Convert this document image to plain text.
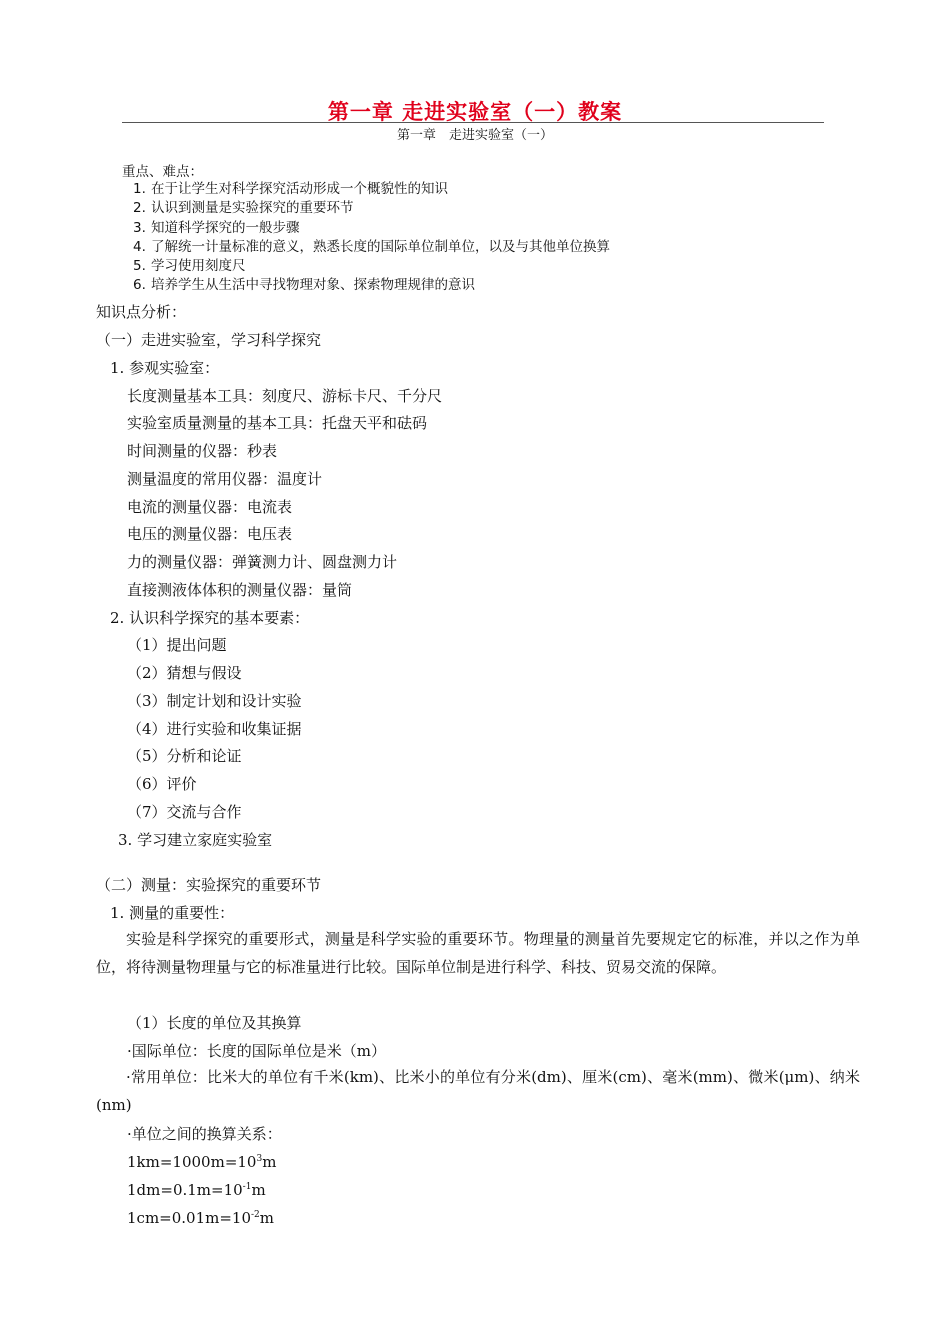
第一章 走进实验室（一）教案
第一章　走进实验室（一）
重点、难点：
1. 在于让学生对科学探究活动形成一个概貌性的知识
2. 认识到测量是实验探究的重要环节
3. 知道科学探究的一般步骤
4. 了解统一计量标准的意义，熟悉长度的国际单位制单位，以及与其他单位换算
5. 学习使用刻度尺
6. 培养学生从生活中寻找物理对象、探索物理规律的意识
知识点分析：
（一）走进实验室，学习科学探究
1. 参观实验室：
长度测量基本工具：刻度尺、游标卡尺、千分尺
实验室质量测量的基本工具：托盘天平和砝码
时间测量的仪器：秒表
测量温度的常用仪器：温度计
电流的测量仪器：电流表
电压的测量仪器：电压表
力的测量仪器：弹簧测力计、圆盘测力计
直接测液体体积的测量仪器：量筒
2. 认识科学探究的基本要素：
（1）提出问题
（2）猜想与假设
（3）制定计划和设计实验
（4）进行实验和收集证据
（5）分析和论证
（6）评价
（7）交流与合作
3. 学习建立家庭实验室
（二）测量：实验探究的重要环节
1. 测量的重要性：
实验是科学探究的重要形式，测量是科学实验的重要环节。物理量的测量首先要规定它的标准，并以之作为单位，将待测量物理量与它的标准量进行比较。国际单位制是进行科学、科技、贸易交流的保障。
（1）长度的单位及其换算
·国际单位：长度的国际单位是米（m）
·常用单位：比米大的单位有千米(km)、比米小的单位有分米(dm)、厘米(cm)、毫米(mm)、微米(μm)、纳米(nm)
·单位之间的换算关系：
$1km=1000m=10^3m$
$1dm=0.1m=10^{-1}m$
$1cm=0.01m=10^{-2}m$
